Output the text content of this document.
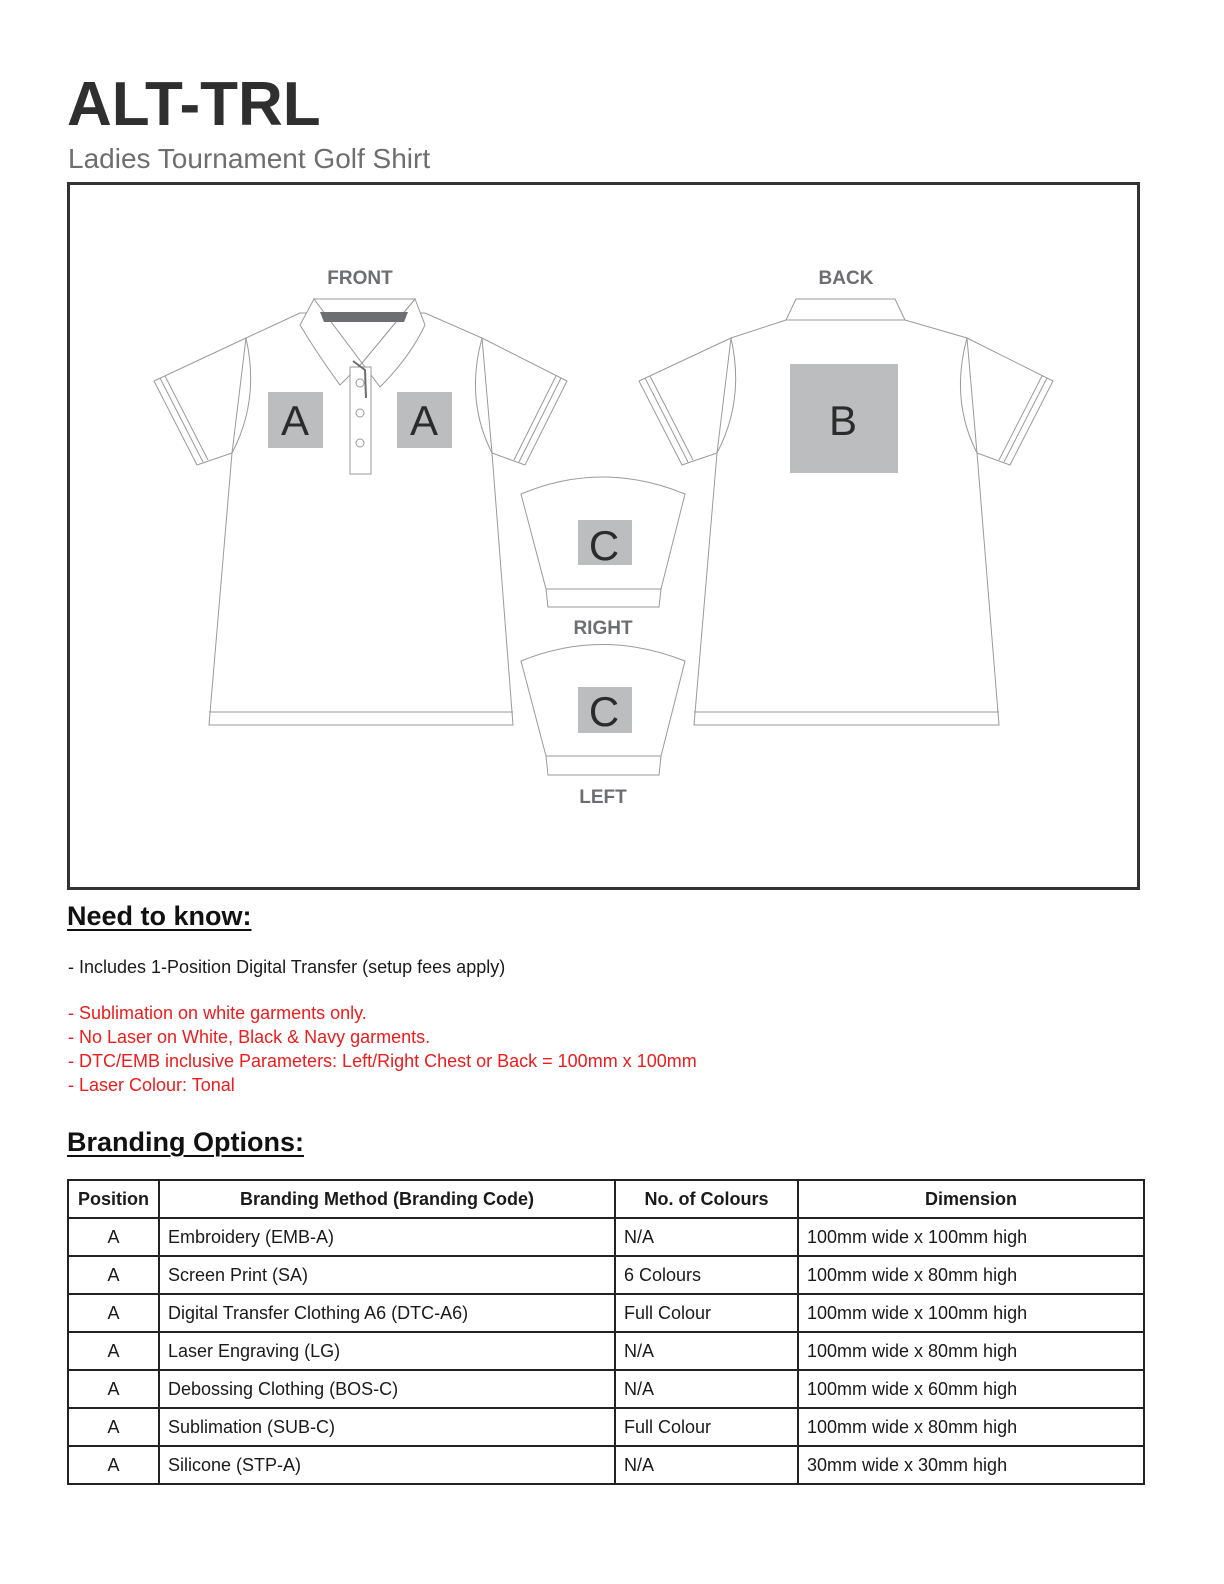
ALT-TRL

Ladies Tournament Golf Shirt

A A
FRONT
B
BACK
C
RIGHT
C
LEFT
Need to know:

- Includes 1-Position Digital Transfer (setup fees apply)

- Sublimation on white garments only.

- No Laser on White, Black & Navy garments.

- DTC/EMB inclusive Parameters: Left/Right Chest or Back = 100mm x 100mm

- Laser Colour: Tonal

Branding Options:
Position	Branding Method (Branding Code)	No. of Colours	Dimension
A	Embroidery (EMB-A)	N/A	100mm wide x 100mm high
A	Screen Print (SA)	6 Colours	100mm wide x 80mm high
A	Digital Transfer Clothing A6 (DTC-A6)	Full Colour	100mm wide x 100mm high
A	Laser Engraving (LG)	N/A	100mm wide x 80mm high
A	Debossing Clothing (BOS-C)	N/A	100mm wide x 60mm high
A	Sublimation (SUB-C)	Full Colour	100mm wide x 80mm high
A	Silicone (STP-A)	N/A	30mm wide x 30mm high
